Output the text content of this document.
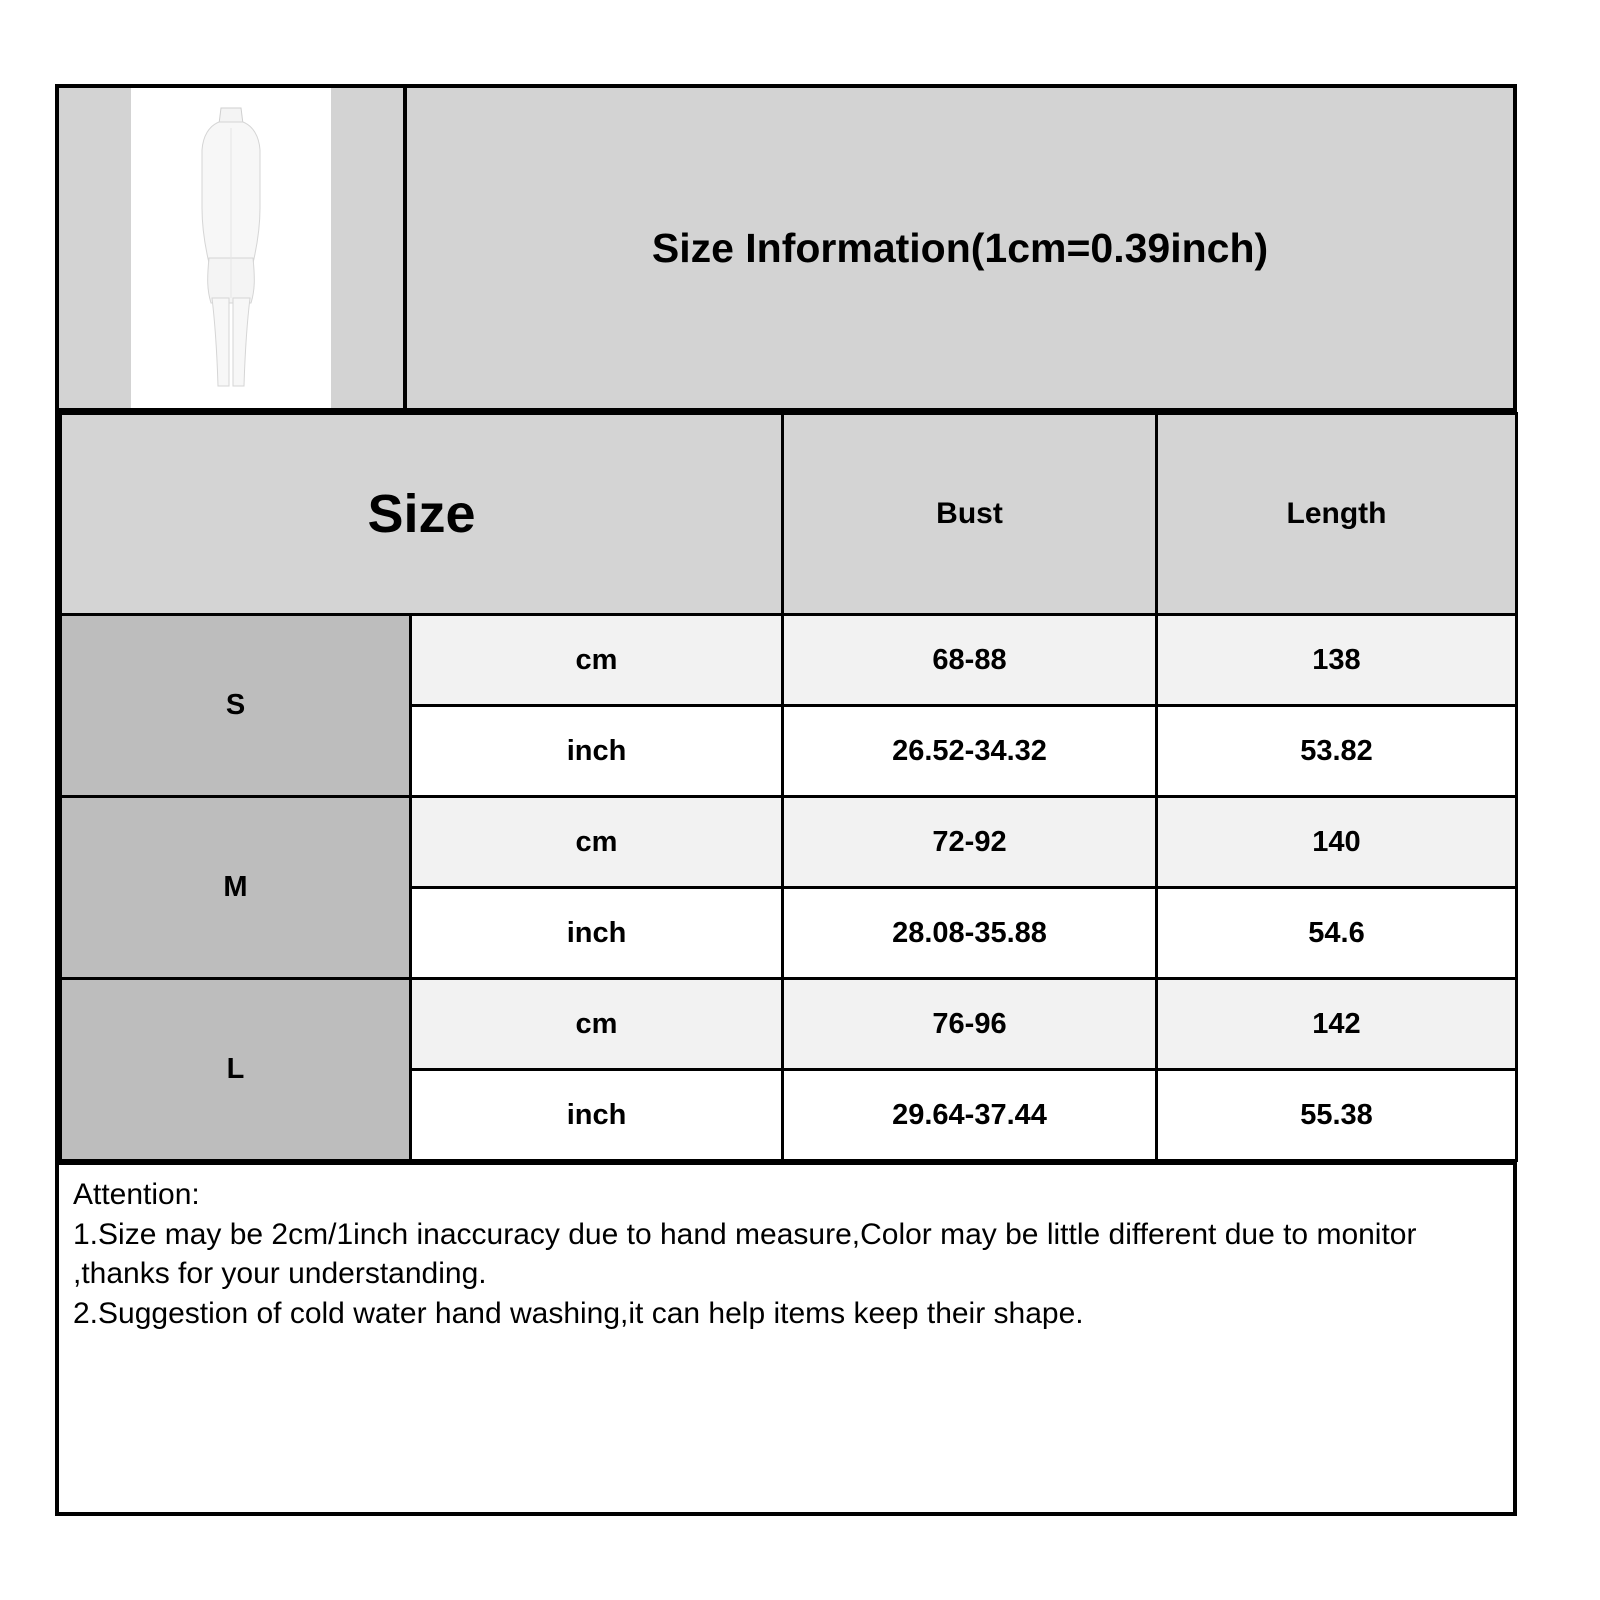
Size Information(1cm=0.39inch)
Size		Bust	Length
S	cm	68-88	138
	inch	26.52-34.32	53.82
M	cm	72-92	140
	inch	28.08-35.88	54.6
L	cm	76-96	142
	inch	29.64-37.44	55.38

Attention:

1.Size may be 2cm/1inch inaccuracy due to hand measure,Color may be little different due to monitor ,thanks for your understanding.

2.Suggestion of cold water hand washing,it can help items keep their shape.
